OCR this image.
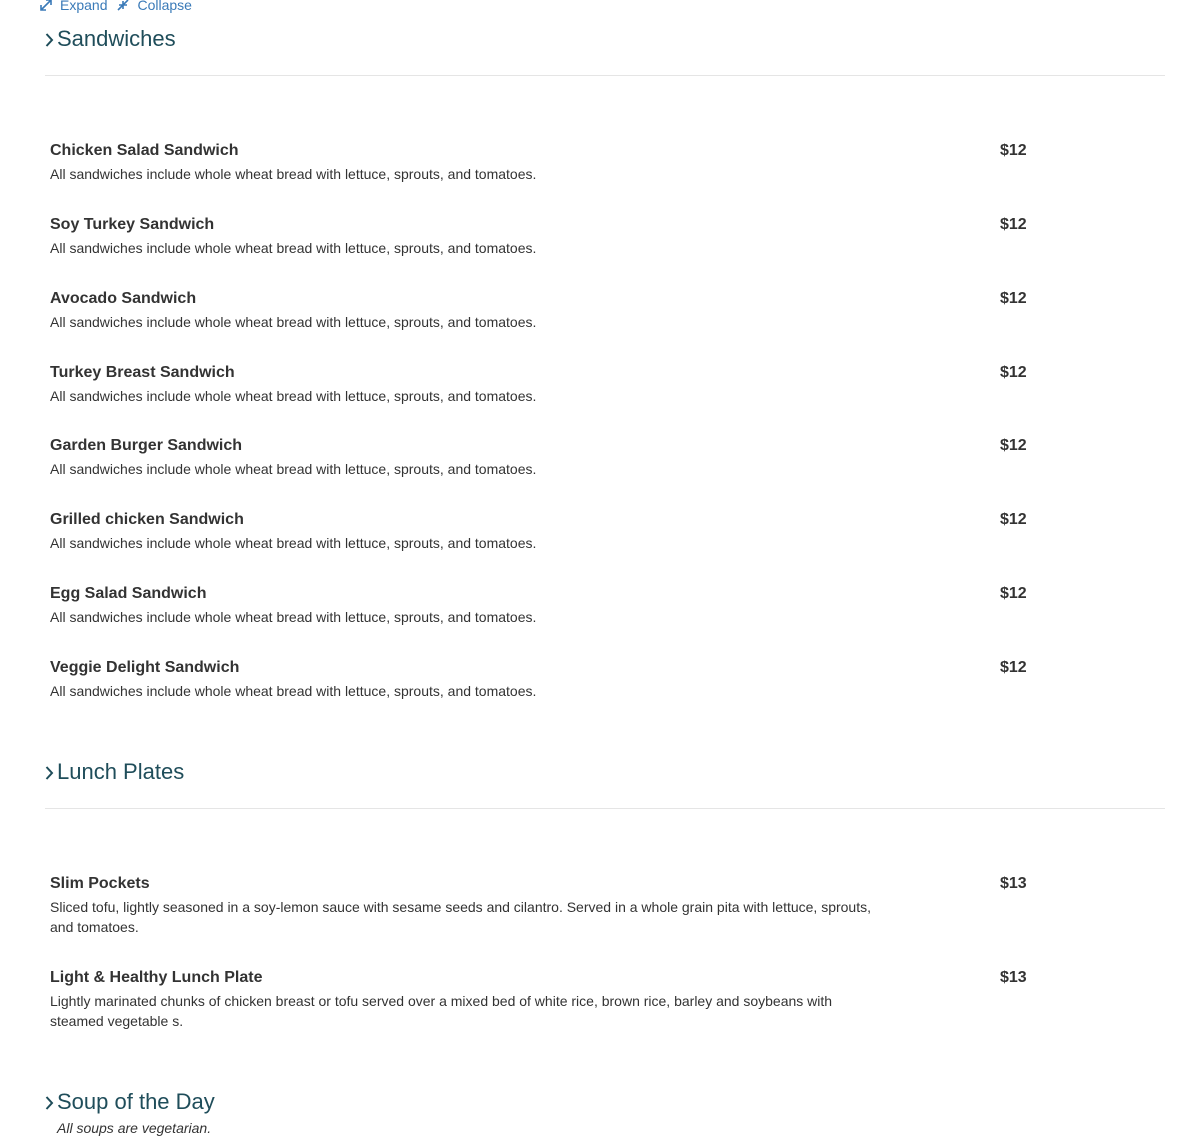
Expand Collapse
Sandwiches
Chicken Salad Sandwich	$12
All sandwiches include whole wheat bread with lettuce, sprouts, and tomatoes.
Soy Turkey Sandwich	$12
All sandwiches include whole wheat bread with lettuce, sprouts, and tomatoes.
Avocado Sandwich	$12
All sandwiches include whole wheat bread with lettuce, sprouts, and tomatoes.
Turkey Breast Sandwich	$12
All sandwiches include whole wheat bread with lettuce, sprouts, and tomatoes.
Garden Burger Sandwich	$12
All sandwiches include whole wheat bread with lettuce, sprouts, and tomatoes.
Grilled chicken Sandwich	$12
All sandwiches include whole wheat bread with lettuce, sprouts, and tomatoes.
Egg Salad Sandwich	$12
All sandwiches include whole wheat bread with lettuce, sprouts, and tomatoes.
Veggie Delight Sandwich	$12
All sandwiches include whole wheat bread with lettuce, sprouts, and tomatoes.
Lunch Plates
Slim Pockets	$13
Sliced tofu, lightly seasoned in a soy-lemon sauce with sesame seeds and cilantro. Served in a whole grain pita with lettuce, sprouts, and tomatoes.
Light & Healthy Lunch Plate	$13
Lightly marinated chunks of chicken breast or tofu served over a mixed bed of white rice, brown rice, barley and soybeans with steamed vegetable s.
Soup of the Day
All soups are vegetarian.
